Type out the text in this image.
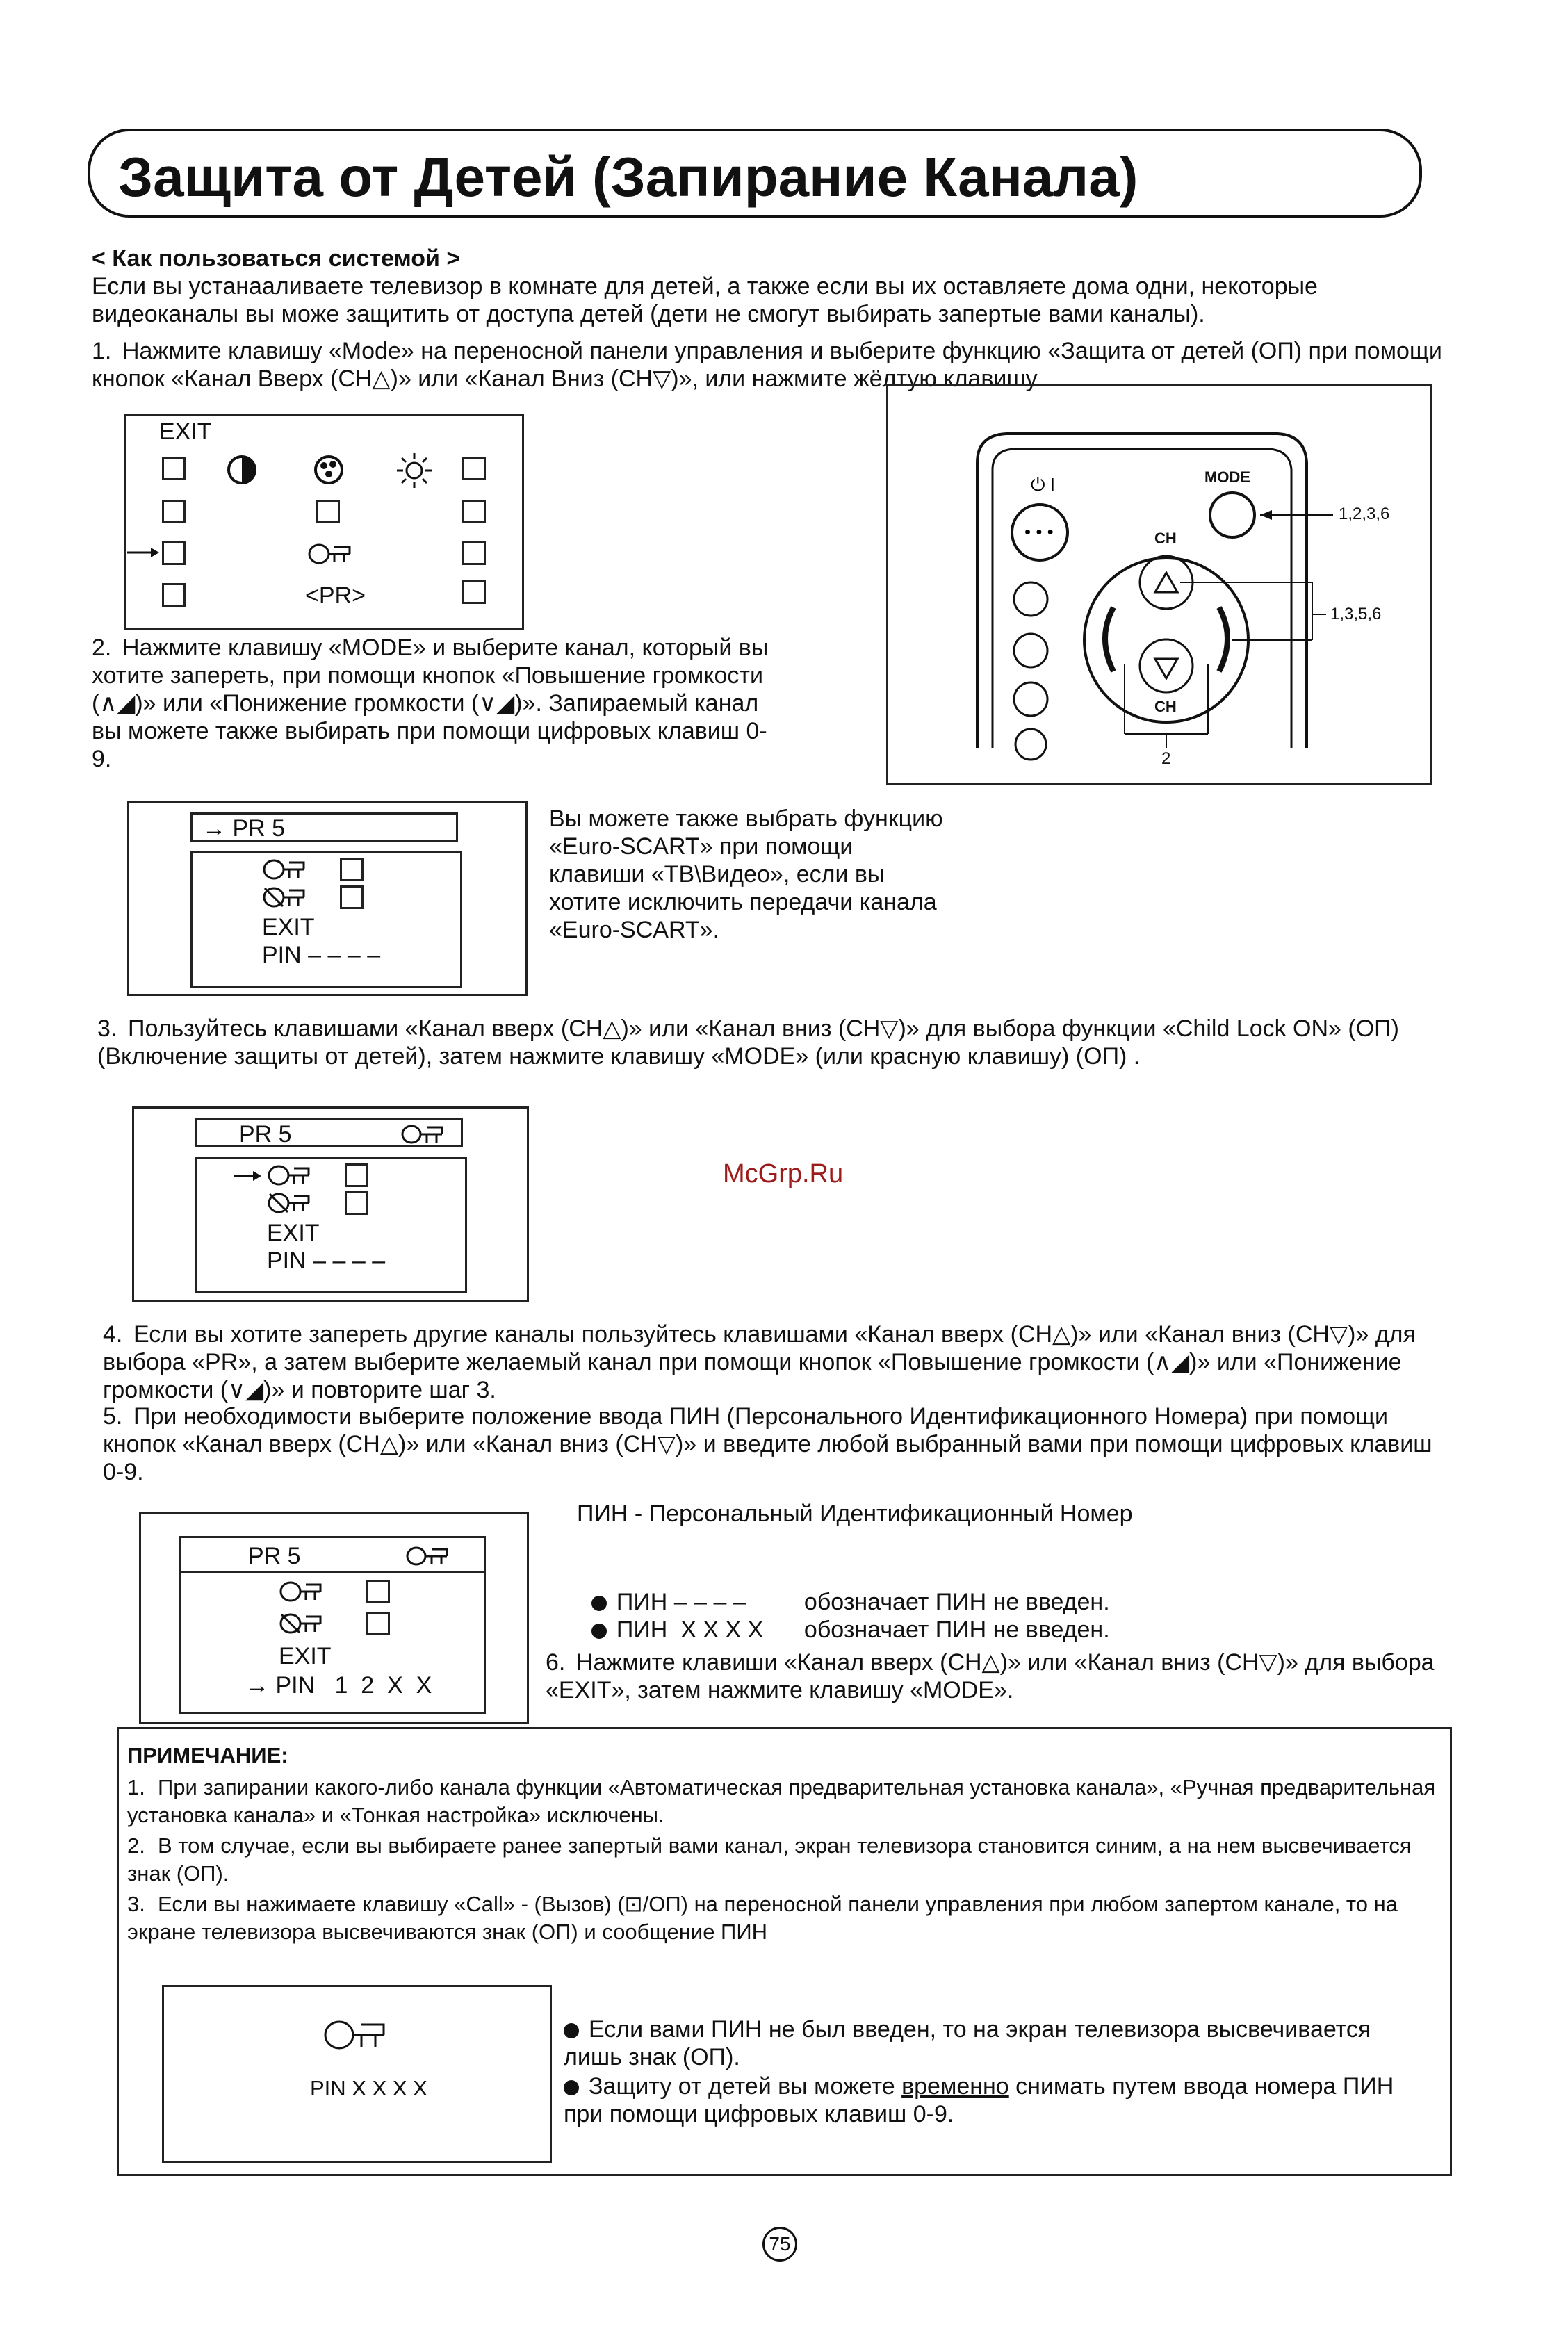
Защита от Детей (Запирание Канала)
< Как пользоваться системой >
Если вы устанаaливаете телевизор в комнате для детей, а также если вы их оставляете дома одни, некоторые видеоканалы вы може защитить от доступа детей (дети не смогут выбирать запертые вами каналы).
1. Нажмите клавишу «Mode» на переносной панели управления и выберите функцию «Защита от детей (ОП) при помощи кнопок «Канал Вверх (CH△)» или «Канал Вниз (CH▽)», или нажмите жёлтую клавишу.
EXIT
<PR>
• • •
⏻ I	MODE
CH
CH
1,2,3,6
1,3,5,6
2
2. Нажмите клавишу «MODE» и выберите канал, который вы хотите запереть, при помощи кнопок «Повышение громкости (∧◢)» или «Понижение громкости (∨◢)». Запираемый канал вы можете также выбирать при помощи цифровых клавиш 0-9.
→ PR 5
EXIT
PIN – – – –
Вы можете также выбрать функцию «Euro-SCART» при помощи клавиши «ТВ\Видео», если вы хотите исключить передачи канала «Euro-SCART».
3. Пользуйтесь клавишами «Канал вверх (CH△)» или «Канал вниз (CH▽)» для выбора функции «Child Lock ON» (ОП) (Включение защиты от детей), затем нажмите клавишу «MODE» (или красную клавишу) (ОП) .
PR 5
EXIT
PIN – – – –
McGrp.Ru
4. Если вы хотите запереть другие каналы пользуйтесь клавишами «Канал вверх (CH△)» или «Канал вниз (CH▽)» для выбора «PR», а затем выберите желаемый канал при помощи кнопок «Повышение громкости (∧◢)» или «Понижение громкости (∨◢)» и повторите шаг 3.
5. При необходимости выберите положение ввода ПИН (Персонального Идентификационного Номера) при помощи кнопок «Канал вверх (CH△)» или «Канал вниз (CH▽)» и введите любой выбранный вами при помощи цифровых клавиш 0-9.
PR 5
EXIT
→ PIN   1  2  X  X
ПИН - Персональный Идентификационный Номер

ПИН – – – – обозначает ПИН не введен.

ПИН  X X X X обозначает ПИН не введен.

6. Нажмите клавиши «Канал вверх (CH△)» или «Канал вниз (CH▽)» для выбора «EXIT», затем нажмите клавишу «MODE».
ПРИМЕЧАНИЕ:
1. При запирании какого-либо канала функции «Автоматическая предварительная установка канала», «Ручная предварительная установка канала» и «Тонкая настройка» исключены.
2. В том случае, если вы выбираете ранее запертый вами канал, экран телевизора становится синим, а на нем высвечивается знак (ОП).
3. Если вы нажимаете клавишу «Call» - (Вызов) (⊡/ОП) на переносной панели управления при любом запертом канале, то на экране телевизора высвечиваются знак (ОП) и сообщение ПИН
PIN X X X X
Если вами ПИН не был введен, то на экран телевизора высвечивается лишь знак (ОП).
Защиту от детей вы можете временно снимать путем ввода номера ПИН при помощи цифровых клавиш 0-9.
75
